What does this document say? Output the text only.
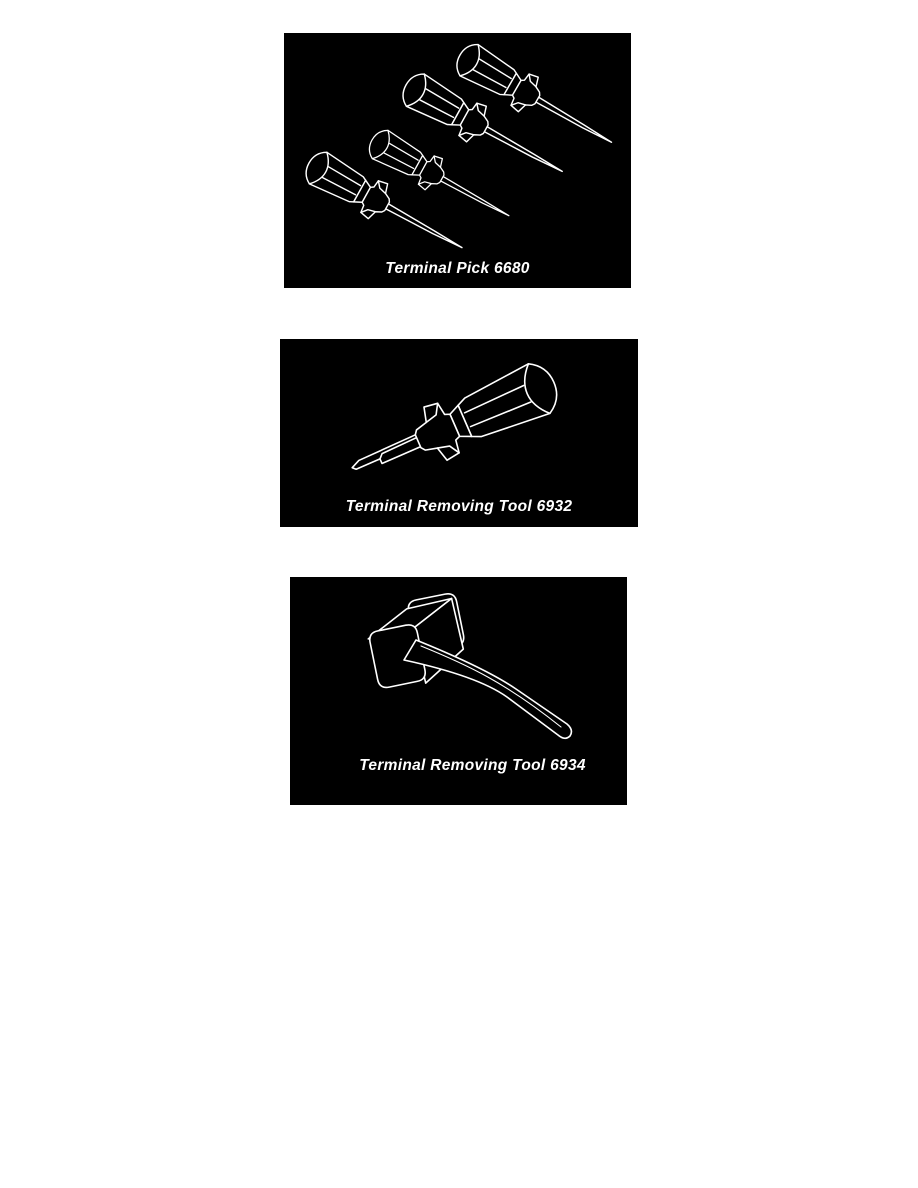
Terminal Pick 6680
Terminal Removing Tool 6932
Terminal Removing Tool 6934
